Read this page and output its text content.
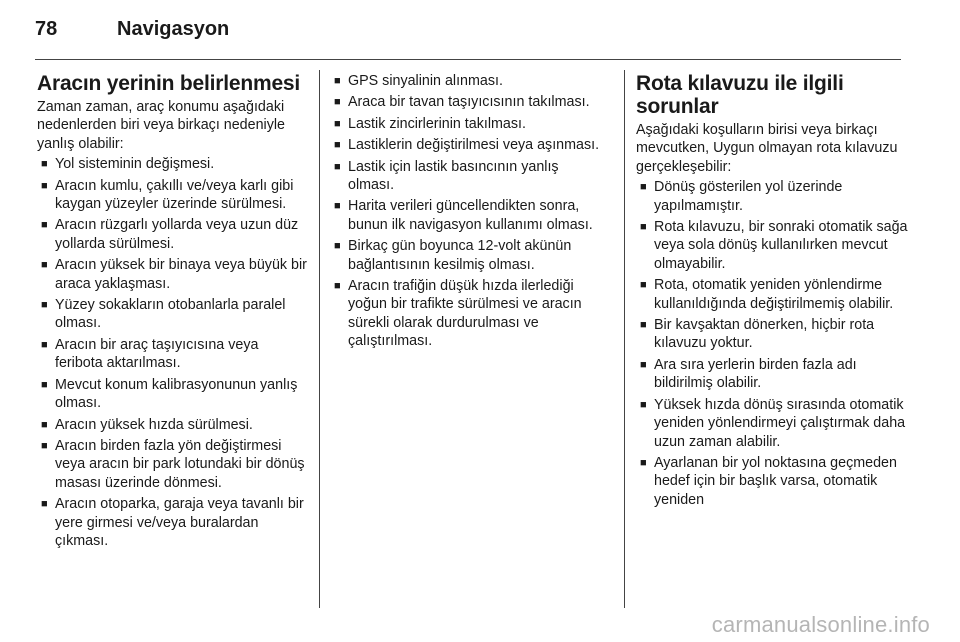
78	Navigasyon
Aracın yerinin belirlenmesi

Zaman zaman, araç konumu aşağıdaki nedenlerden biri veya birkaçı nedeniyle yanlış olabilir:

■ Yol sisteminin değişmesi.
■ Aracın kumlu, çakıllı ve/veya karlı gibi kaygan yüzeyler üzerinde sürülmesi.
■ Aracın rüzgarlı yollarda veya uzun düz yollarda sürülmesi.
■ Aracın yüksek bir binaya veya büyük bir araca yaklaşması.
■ Yüzey sokakların otobanlarla paralel olması.
■ Aracın bir araç taşıyıcısına veya feribota aktarılması.
■ Mevcut konum kalibrasyonunun yanlış olması.
■ Aracın yüksek hızda sürülmesi.
■ Aracın birden fazla yön değiştirmesi veya aracın bir park lotundaki bir dönüş masası üzerinde dönmesi.
■ Aracın otoparka, garaja veya tavanlı bir yere girmesi ve/veya buralardan çıkması.
■ GPS sinyalinin alınması.
■ Araca bir tavan taşıyıcısının takılması.
■ Lastik zincirlerinin takılması.
■ Lastiklerin değiştirilmesi veya aşınması.
■ Lastik için lastik basıncının yanlış olması.
■ Harita verileri güncellendikten sonra, bunun ilk navigasyon kullanımı olması.
■ Birkaç gün boyunca 12-volt akünün bağlantısının kesilmiş olması.
■ Aracın trafiğin düşük hızda ilerlediği yoğun bir trafikte sürülmesi ve aracın sürekli olarak durdurulması ve çalıştırılması.
Rota kılavuzu ile ilgili sorunlar

Aşağıdaki koşulların birisi veya birkaçı mevcutken, Uygun olmayan rota kılavuzu gerçekleşebilir:

■ Dönüş gösterilen yol üzerinde yapılmamıştır.
■ Rota kılavuzu, bir sonraki otomatik sağa veya sola dönüş kullanılırken mevcut olmayabilir.
■ Rota, otomatik yeniden yönlendirme kullanıldığında değiştirilmemiş olabilir.
■ Bir kavşaktan dönerken, hiçbir rota kılavuzu yoktur.
■ Ara sıra yerlerin birden fazla adı bildirilmiş olabilir.
■ Yüksek hızda dönüş sırasında otomatik yeniden yönlendirmeyi çalıştırmak daha uzun zaman alabilir.
■ Ayarlanan bir yol noktasına geçmeden hedef için bir başlık varsa, otomatik yeniden
carmanualsonline.info
